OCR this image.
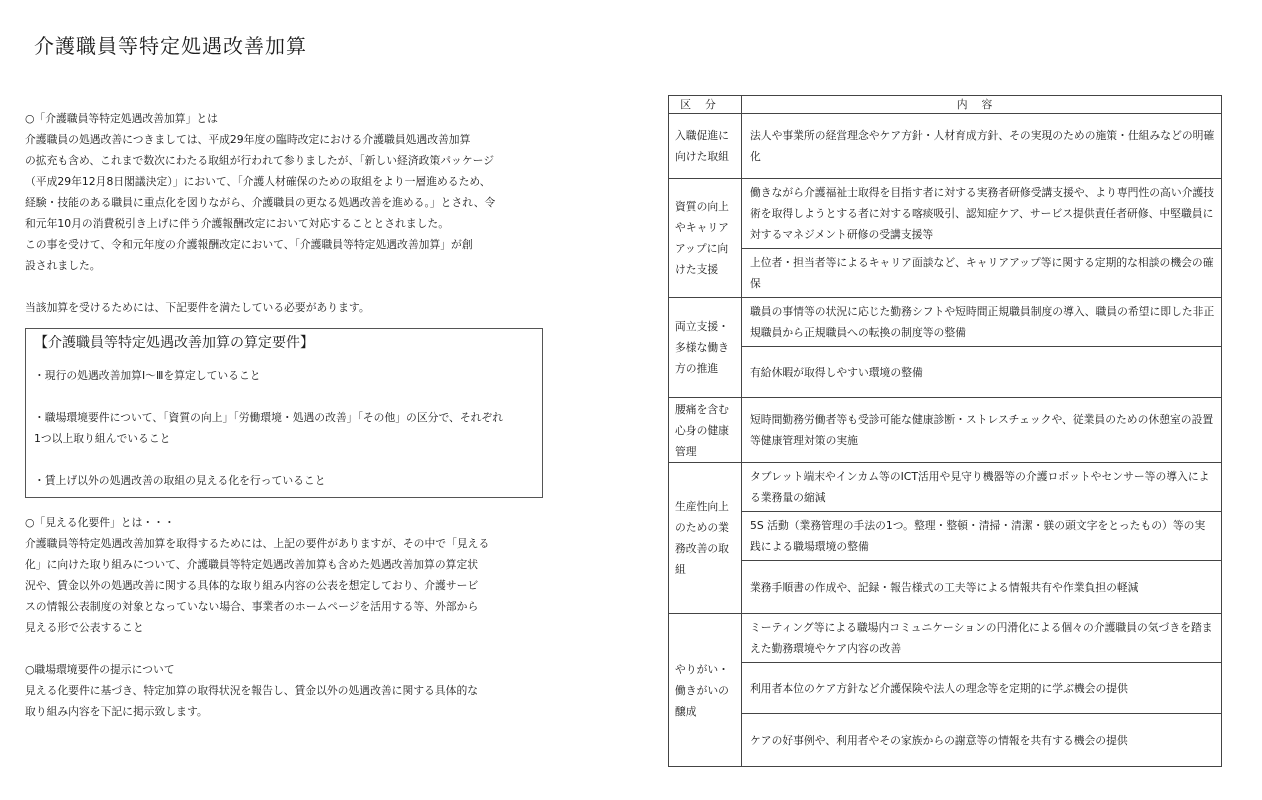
介護職員等特定処遇改善加算

○「介護職員等特定処遇改善加算」とは

介護職員の処遇改善につきましては、平成29年度の臨時改定における介護職員処遇改善加算

の拡充も含め、これまで数次にわたる取組が行われて参りましたが、「新しい経済政策パッケージ

（平成29年12月8日閣議決定）」において、「介護人材確保のための取組をより一層進めるため、

経験・技能のある職員に重点化を図りながら、介護職員の更なる処遇改善を進める。」とされ、令

和元年10月の消費税引き上げに伴う介護報酬改定において対応することとされました。

この事を受けて、令和元年度の介護報酬改定において、「介護職員等特定処遇改善加算」が創

設されました。

当該加算を受けるためには、下記要件を満たしている必要があります。

【介護職員等特定処遇改善加算の算定要件】
・現行の処遇改善加算Ⅰ～Ⅲを算定していること

・職場環境要件について、「資質の向上」「労働環境・処遇の改善」「その他」の区分で、それぞれ

1つ以上取り組んでいること

・賃上げ以外の処遇改善の取組の見える化を行っていること

○「見える化要件」とは・・・

介護職員等特定処遇改善加算を取得するためには、上記の要件がありますが、その中で「見える

化」に向けた取り組みについて、介護職員等特定処遇改善加算も含めた処遇改善加算の算定状

況や、賃金以外の処遇改善に関する具体的な取り組み内容の公表を想定しており、介護サービ

スの情報公表制度の対象となっていない場合、事業者のホームページを活用する等、外部から

見える形で公表すること

○職場環境要件の提示について

見える化要件に基づき、特定加算の取得状況を報告し、賃金以外の処遇改善に関する具体的な

取り組み内容を下記に掲示致します。

区分	内容
入職促進に向けた取組	法人や事業所の経営理念やケア方針・人材育成方針、その実現のための施策・仕組みなどの明確化
資質の向上やキャリアアップに向けた支援	働きながら介護福祉士取得を目指す者に対する実務者研修受講支援や、より専門性の高い介護技術を取得しようとする者に対する喀痰吸引、認知症ケア、サービス提供責任者研修、中堅職員に対するマネジメント研修の受講支援等
	上位者・担当者等によるキャリア面談など、キャリアアップ等に関する定期的な相談の機会の確保
両立支援・多様な働き方の推進	職員の事情等の状況に応じた勤務シフトや短時間正規職員制度の導入、職員の希望に即した非正規職員から正規職員への転換の制度等の整備
	有給休暇が取得しやすい環境の整備
腰痛を含む心身の健康管理	短時間勤務労働者等も受診可能な健康診断・ストレスチェックや、従業員のための休憩室の設置等健康管理対策の実施
生産性向上のための業務改善の取組	タブレット端末やインカム等のICT活用や見守り機器等の介護ロボットやセンサー等の導入による業務量の縮減
	5S 活動（業務管理の手法の1つ。整理・整頓・清掃・清潔・躾の頭文字をとったもの）等の実践による職場環境の整備
	業務手順書の作成や、記録・報告様式の工夫等による情報共有や作業負担の軽減
やりがい・働きがいの醸成	ミーティング等による職場内コミュニケーションの円滑化による個々の介護職員の気づきを踏まえた勤務環境やケア内容の改善
	利用者本位のケア方針など介護保険や法人の理念等を定期的に学ぶ機会の提供
	ケアの好事例や、利用者やその家族からの謝意等の情報を共有する機会の提供
